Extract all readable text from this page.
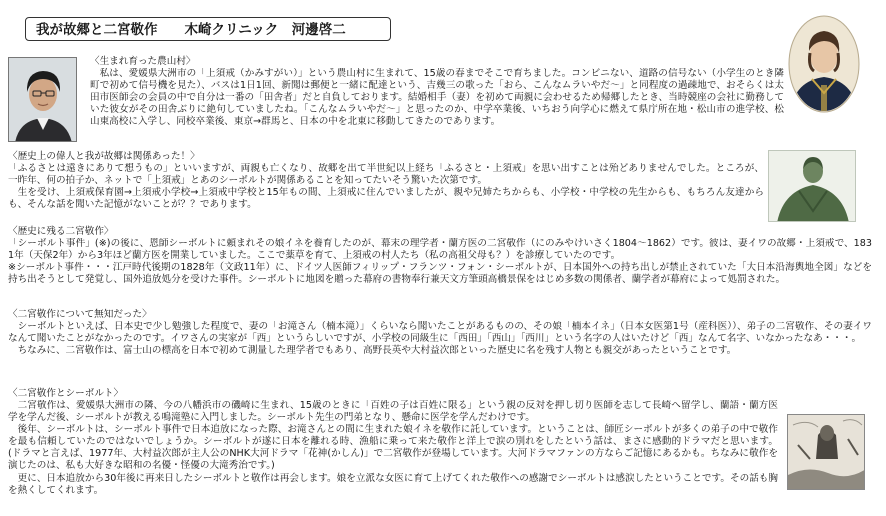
我が故郷と二宮敬作　　木崎クリニック　河邊啓二
〈生まれ育った農山村〉

私は、愛媛県大洲市の「上須戒（かみすがい）」という農山村に生まれて、15歳の春までそこで育ちました。コンビニない、道路の信号ない（小学生のとき隣町で初めて信号機を見た）、バスは1日1回、新聞は郵便と一緒に配達という、吉幾三の歌った「おら、こんなムラいやだ～」と同程度の過疎地で、おそらくは太田市医師会の会員の中で自分は一番の「田舎者」だと自負しております。結婚相手（妻）を初めて両親に会わせるため帰郷したとき、当時競座の会社に勤務していた彼女がその田舎ぶりに絶句していましたね。「こんなムラいやだ～」と思ったのか、中学卒業後、いちおう向学心に燃えて県庁所在地・松山市の進学校、松山東高校に入学し、同校卒業後、東京→群馬と、日本の中を北東に移動してきたのであります。

〈歴史上の偉人と我が故郷は関係あった！〉

「ふるさとは遠きにありて想うもの」といいますが、両親も亡くなり、故郷を出て半世紀以上経ち「ふるさと・上須戒」を思い出すことは殆どありませんでした。ところが、一昨年、何の拍子か、ネットで「上須戒」とあのシーボルトが関係あることを知ってたいそう驚いた次第です。

生を受け、上須戒保育園→上須戒小学校→上須戒中学校と15年もの間、上須戒に住んでいましたが、親や兄姉たちからも、小学校・中学校の先生からも、もちろん友達からも、そんな話を聞いた記憶がないことが？？であります。

〈歴史に残る二宮敬作〉

「シーボルト事件」(※)の後に、恩師シーボルトに頼まれその娘イネを養育したのが、幕末の理学者・蘭方医の二宮敬作（にのみやけいさく1804～1862）です。彼は、妻イワの故郷・上須戒で、1831年（天保2年）から3年ほど蘭方医を開業していました。ここで薬草を育て、上須戒の村人たち（私の高祖父母も？）を診療していたのです。

※シーボルト事件・・・江戸時代後期の1828年（文政11年）に、ドイツ人医師フィリップ・フランツ・フォン・シーボルトが、日本国外への持ち出しが禁止されていた「大日本沿海輿地全図」などを持ち出そうとして発覚し、国外追放処分を受けた事件。シーボルトに地図を贈った幕府の書物奉行兼天文方筆頭高橋景保をはじめ多数の関係者、蘭学者が幕府によって処罰された。

〈二宮敬作について無知だった〉

シーボルトといえば、日本史で少し勉強した程度で、妻の「お滝さん（楠本滝）」くらいなら聞いたことがあるものの、その娘「楠本イネ」（日本女医第1号（産科医））、弟子の二宮敬作、その妻イワなんて聞いたことがなかったのです。イワさんの実家が「西」というらしいですが、小学校の同級生に「西田」「西山」「西川」という名字の人はいたけど「西」なんて名字、いなかったなあ・・・。

ちなみに、二宮敬作は、富士山の標高を日本で初めて測量した理学者でもあり、高野長英や大村益次郎といった歴史に名を残す人物とも親交があったということです。

〈二宮敬作とシーボルト〉

二宮敬作は、愛媛県大洲市の隣、今の八幡浜市の磯崎に生まれ、15歳のときに「百姓の子は百姓に限る」という親の反対を押し切り医師を志して長崎へ留学し、蘭語・蘭方医学を学んだ後、シーボルトが教える鳴滝塾に入門しました。シーボルト先生の門弟となり、懸命に医学を学んだわけです。

後年、シーボルトは、シーボルト事件で日本追放になった際、お滝さんとの間に生まれた娘イネを敬作に託しています。ということは、師匠シーボルトが多くの弟子の中で敬作を最も信頼していたのではないでしょうか。シーボルトが遂に日本を離れる時、漁船に乗って来た敬作と洋上で涙の別れをしたという話は、まさに感動的ドラマだと思います。(ドラマと言えば、1977年、大村益次郎が主人公のNHK大河ドラマ「花神(かしん)」で二宮敬作が登場しています。大河ドラマファンの方ならご記憶にあるかも。ちなみに敬作を演じたのは、私も大好きな昭和の名優・怪優の大滝秀治です。)

更に、日本追放から30年後に再来日したシーボルトと敬作は再会します。娘を立派な女医に育て上げてくれた敬作への感謝でシーボルトは感涙したということです。その話も胸を熱くしてくれます。
